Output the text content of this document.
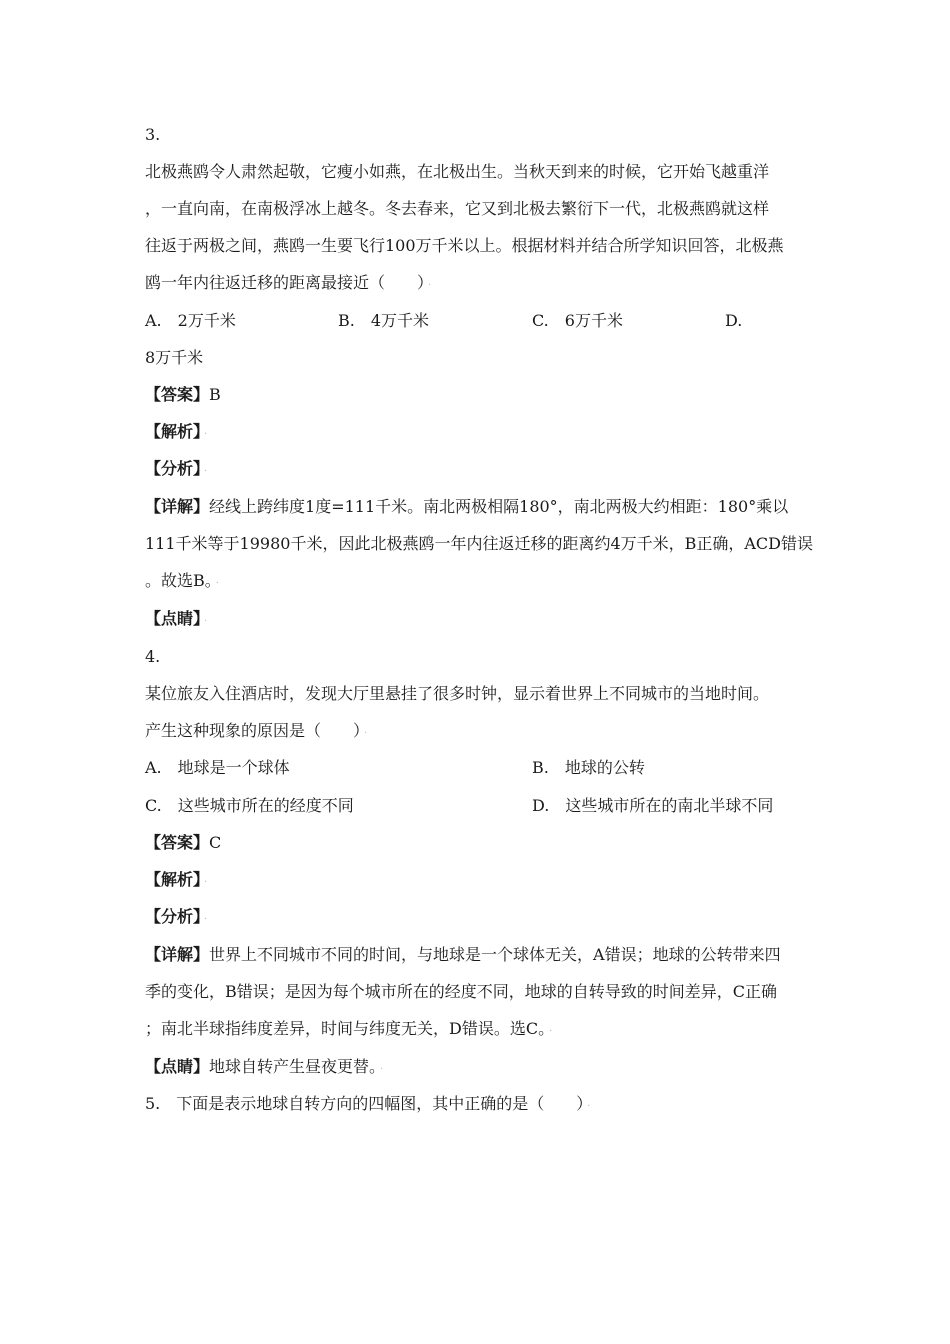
3.
北极燕鸥令人肃然起敬，它瘦小如燕，在北极出生。当秋天到来的时候，它开始飞越重洋
，一直向南，在南极浮冰上越冬。冬去春来，它又到北极去繁衍下一代，北极燕鸥就这样
往返于两极之间，燕鸥一生要飞行100万千米以上。根据材料并结合所学知识回答，北极燕
鸥一年内往返迁移的距离最接近（　　） ·
A.　2万千米	B.　4万千米	C.　6万千米	D.
8万千米
【答案】B
【解析】 ·
【分析】 ·
【详解】经线上跨纬度1度=111千米。南北两极相隔180°，南北两极大约相距：180°乘以
111千米等于19980千米，因此北极燕鸥一年内往返迁移的距离约4万千米，B正确，ACD错误
。故选B。 ·
【点睛】 ·
4.
某位旅友入住酒店时，发现大厅里悬挂了很多时钟，显示着世界上不同城市的当地时间。
产生这种现象的原因是（　　） ·
A.　地球是一个球体	B.　地球的公转
C.　这些城市所在的经度不同	D.　这些城市所在的南北半球不同
【答案】C
【解析】 ·
【分析】 ·
【详解】世界上不同城市不同的时间，与地球是一个球体无关，A错误；地球的公转带来四
季的变化，B错误；是因为每个城市所在的经度不同，地球的自转导致的时间差异，C正确
；南北半球指纬度差异，时间与纬度无关，D错误。选C。 ·
【点睛】地球自转产生昼夜更替。 ·
5.　下面是表示地球自转方向的四幅图，其中正确的是（　　） ·
